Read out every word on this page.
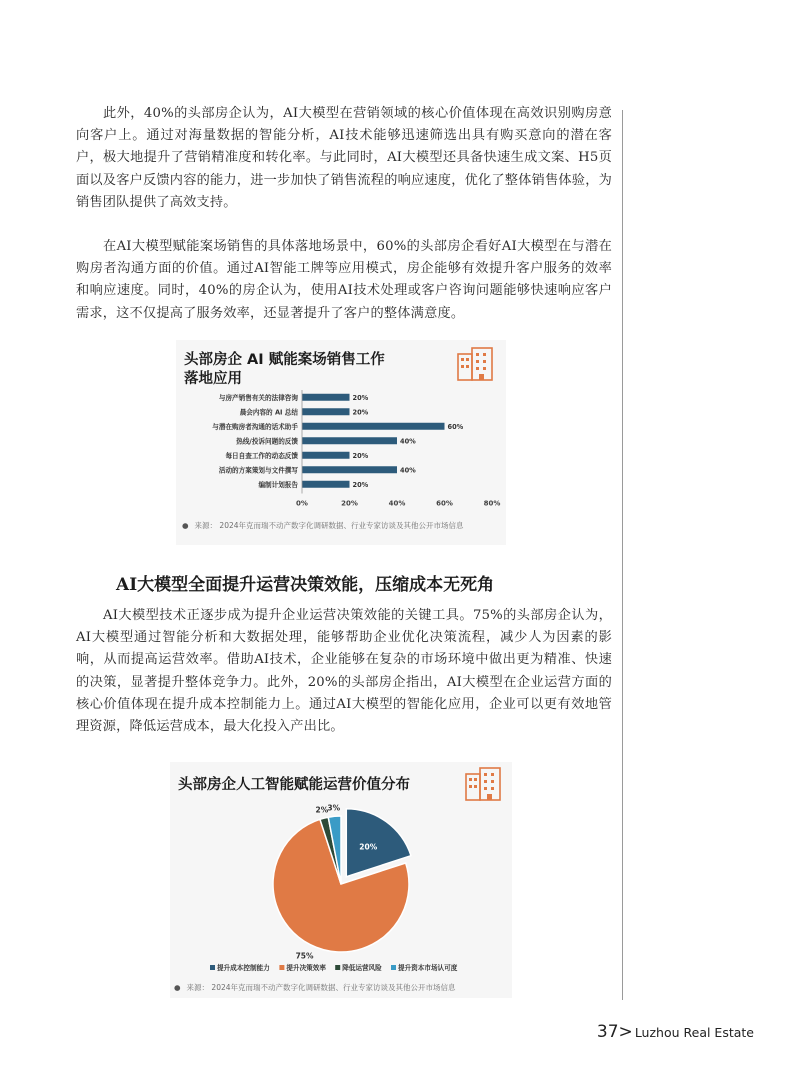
此外，40%的头部房企认为，AI大模型在营销领域的核心价值体现在高效识别购房意向客户上。通过对海量数据的智能分析，AI技术能够迅速筛选出具有购买意向的潜在客户，极大地提升了营销精准度和转化率。与此同时，AI大模型还具备快速生成文案、H5页面以及客户反馈内容的能力，进一步加快了销售流程的响应速度，优化了整体销售体验，为销售团队提供了高效支持。

在AI大模型赋能案场销售的具体落地场景中，60%的头部房企看好AI大模型在与潜在购房者沟通方面的价值。通过AI智能工牌等应用模式，房企能够有效提升客户服务的效率和响应速度。同时，40%的房企认为，使用AI技术处理或客户咨询问题能够快速响应客户需求，这不仅提高了服务效率，还显著提升了客户的整体满意度。

头部房企 AI 赋能案场销售工作

落地应用

与房产销售有关的法律咨询	20%
晨会内容的 AI 总结	20%
与潜在购房者沟通的话术助手	60%
热线/投诉问题的反馈	40%
每日自查工作的动态反馈	20%
活动的方案策划与文件撰写	40%
编制计划报告	20%
0%	20%	40%	60%	80%
● 来源： 2024年克而瑞不动产数字化调研数据、行业专家访谈及其他公开市场信息
AI大模型全面提升运营决策效能，压缩成本无死角

AI大模型技术正逐步成为提升企业运营决策效能的关键工具。75%的头部房企认为，AI大模型通过智能分析和大数据处理，能够帮助企业优化决策流程，减少人为因素的影响，从而提高运营效率。借助AI技术，企业能够在复杂的市场环境中做出更为精准、快速的决策，显著提升整体竞争力。此外，20%的头部房企指出，AI大模型在企业运营方面的核心价值体现在提升成本控制能力上。通过AI大模型的智能化应用，企业可以更有效地管理资源，降低运营成本，最大化投入产出比。

头部房企人工智能赋能运营价值分布

20%
75%
2% 3%
提升成本控制能力	提升决策效率 降低运营风险 提升资本市场认可度
● 来源： 2024年克而瑞不动产数字化调研数据、行业专家访谈及其他公开市场信息
37> Luzhou Real Estate
